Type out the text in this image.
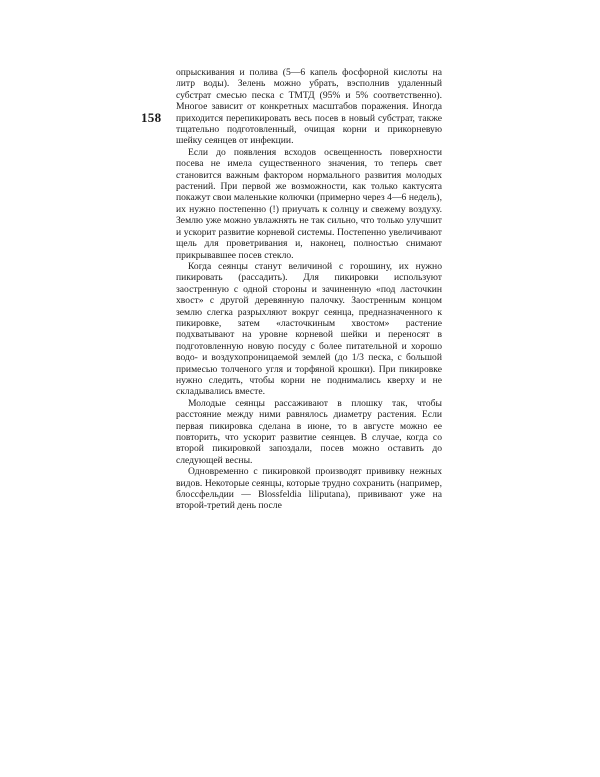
158

опрыскивания и полива (5—6 капель фосфорной кислоты на литр воды). Зелень можно убрать, вэсполнив удаленный субстрат смесью песка с ТМТД (95% и 5% соответственно). Многое зависит от конкретных масштабов поражения. Иногда приходится перепикировать весь посев в новый субстрат, также тщательно подготовленный, очищая корни и прикорневую шейку сеянцев от инфекции.

Если до появления всходов освещенность поверхности посева не имела существенного значения, то теперь свет становится важным фактором нормального развития молодых растений. При первой же возможности, как только кактусята покажут свои маленькие колючки (примерно через 4—6 недель), их нужно постепенно (!) приучать к солнцу и свежему воздуху. Землю уже можно увлажнять не так сильно, что только улучшит и ускорит развитие корневой системы. Постепенно увеличивают щель для проветривания и, наконец, полностью снимают прикрывавшее посев стекло.

Когда сеянцы станут величиной с горошину, их нужно пикировать (рассадить). Для пикировки используют заостренную с одной стороны и зачиненную «под ласточкин хвост» с другой деревянную палочку. Заостренным концом землю слегка разрыхляют вокруг сеянца, предназначенного к пикировке, затем «ласточкиным хвостом» растение подхватывают на уровне корневой шейки и переносят в подготовленную новую посуду с более питательной и хорошо водо- и воздухопроницаемой землей (до 1/3 песка, с большой примесью толченого угля и торфяной крошки). При пикировке нужно следить, чтобы корни не поднимались кверху и не складывались вместе.

Молодые сеянцы рассаживают в плошку так, чтобы расстояние между ними равнялось диаметру растения. Если первая пикировка сделана в июне, то в августе можно ее повторить, что ускорит развитие сеянцев. В случае, когда со второй пикировкой запоздали, посев можно оставить до следующей весны.

Одновременно с пикировкой производят прививку нежных видов. Некоторые сеянцы, которые трудно сохранить (например, блоссфельдии — Blossfeldia liliputana), прививают уже на второй-третий день после
